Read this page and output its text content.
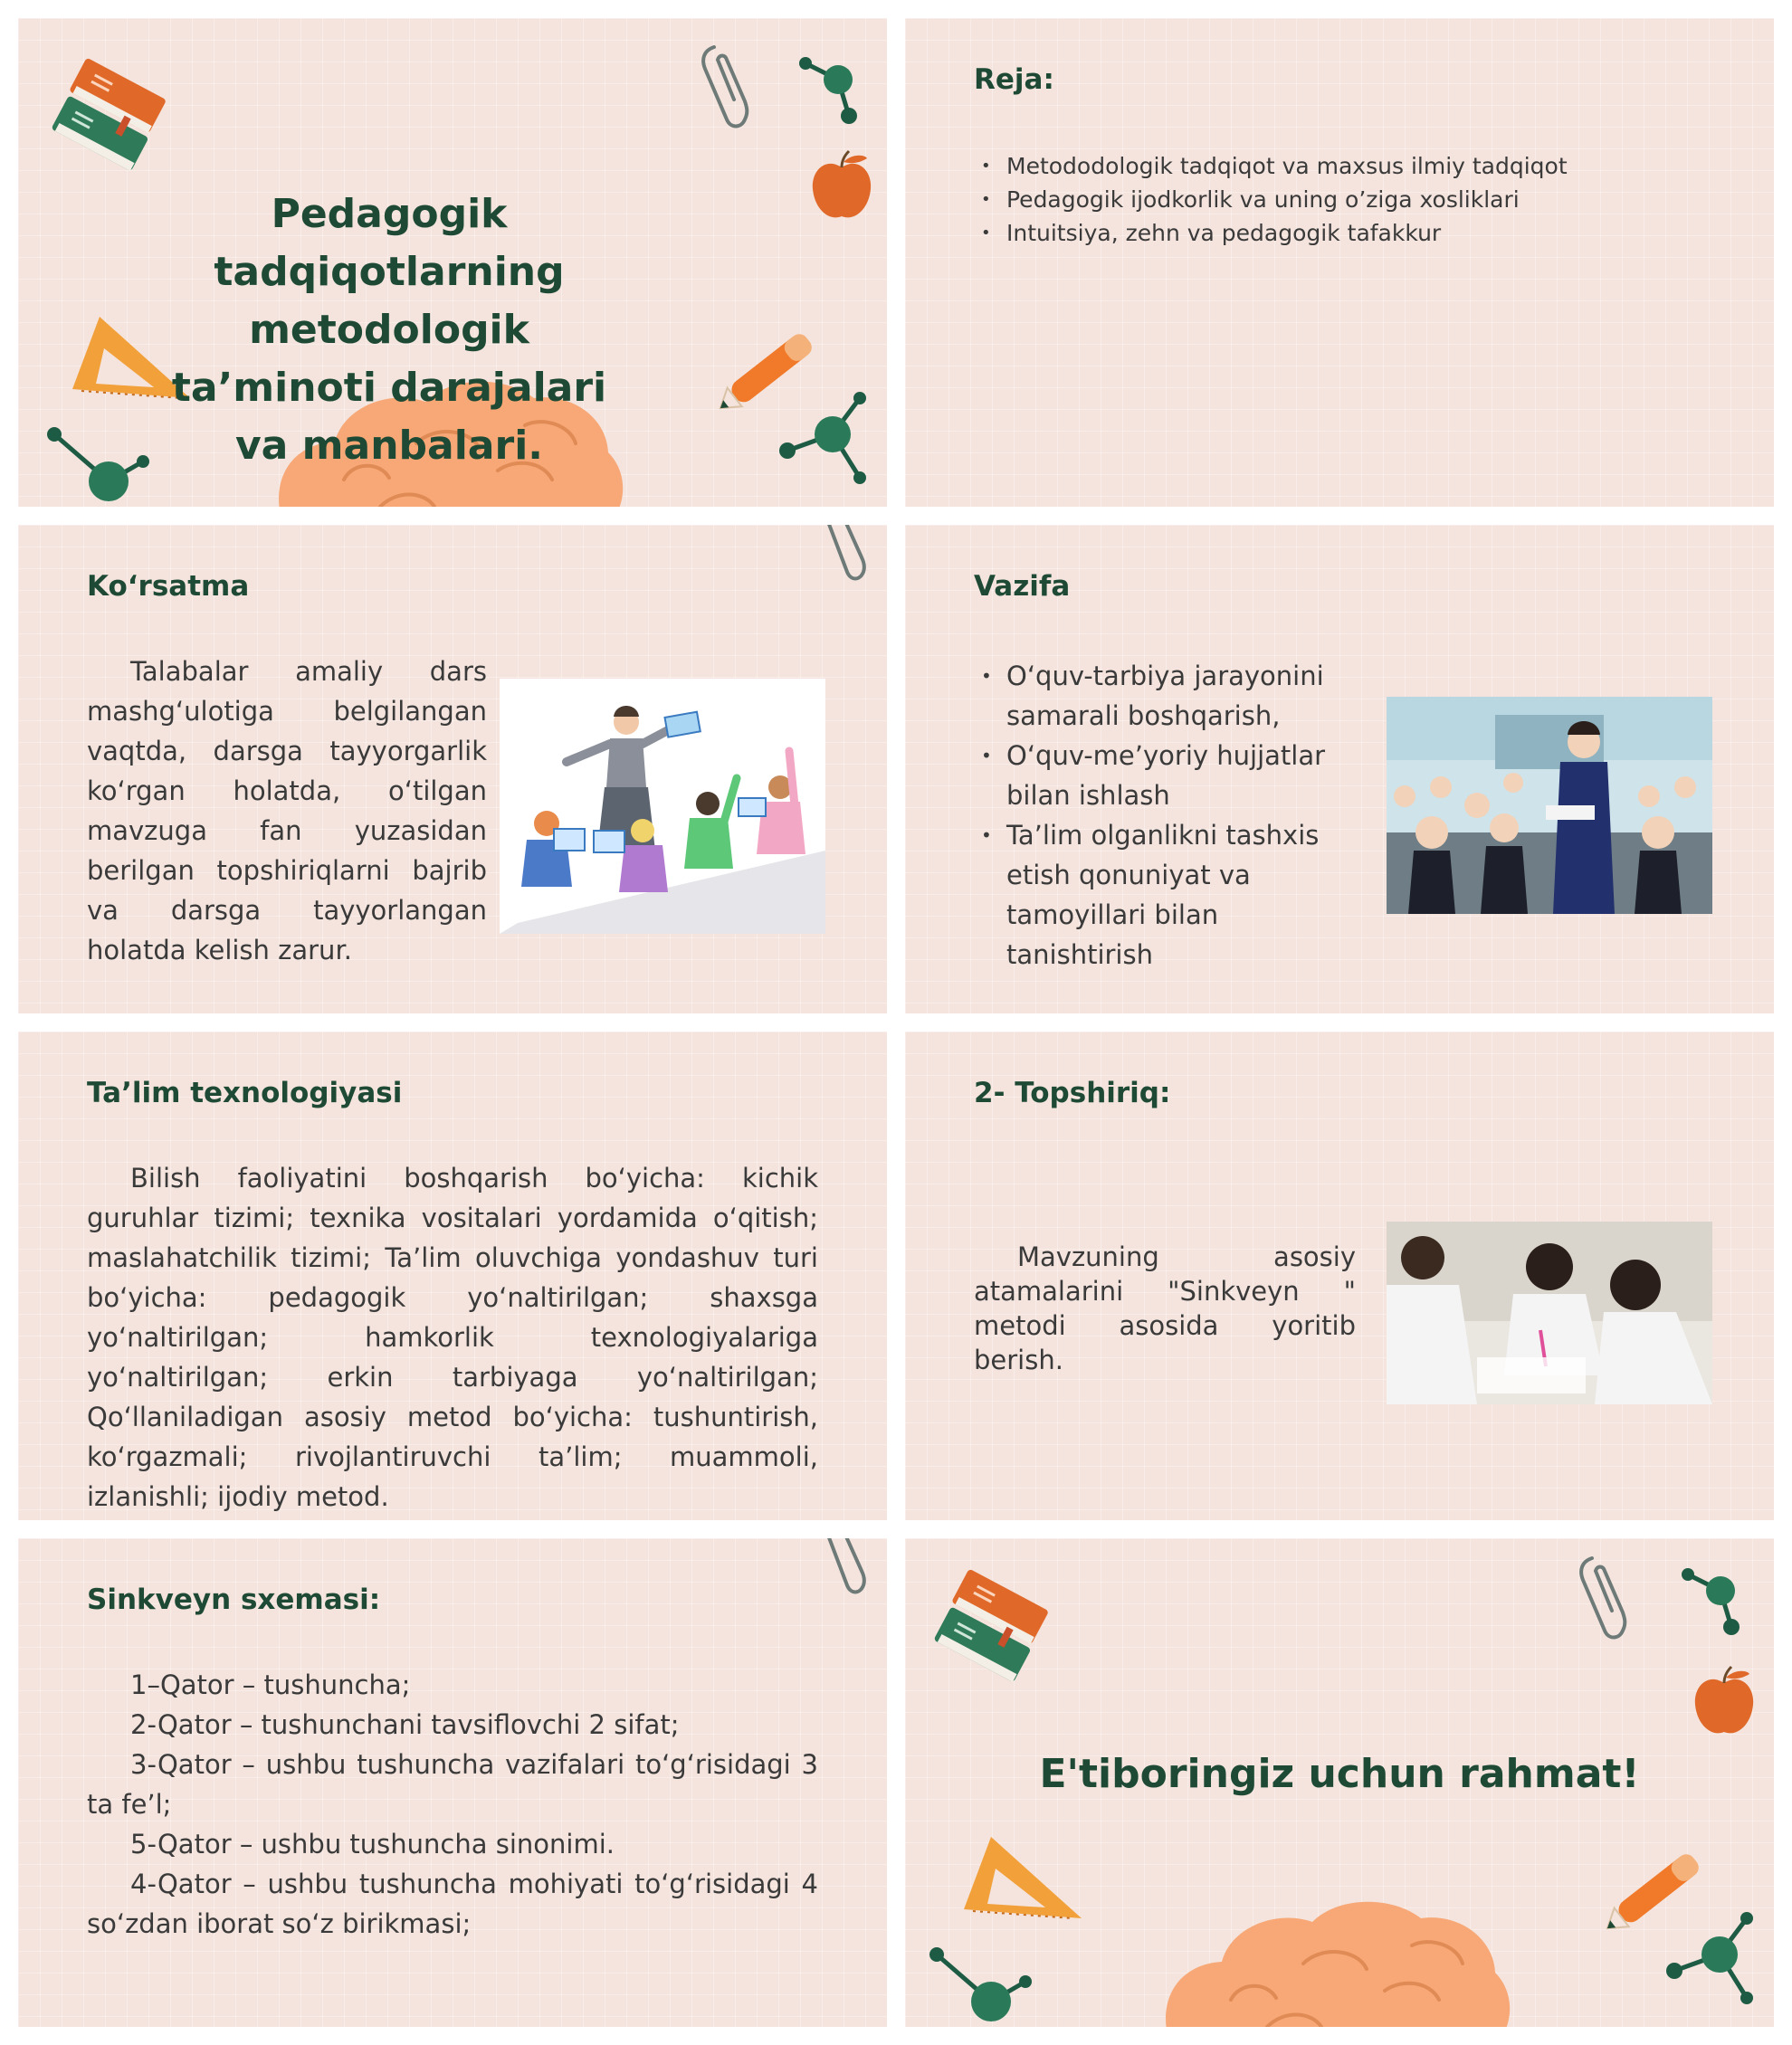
Pedagogik tadqiqotlarning metodologik ta’minoti darajalari va manbalari.
Reja:
• Metododologik tadqiqot va maxsus ilmiy tadqiqot
• Pedagogik ijodkorlik va uning o’ziga xosliklari
• Intuitsiya, zehn va pedagogik tafakkur
Ko‘rsatma

Talabalar amaliy dars mashg‘ulotiga belgilangan vaqtda, darsga tayyorgarlik ko‘rgan holatda, o‘tilgan mavzuga fan yuzasidan berilgan topshiriqlarni bajrib va darsga tayyorlangan holatda kelish zarur.

Vazifa
• O‘quv-tarbiya jarayonini samarali boshqarish,
• O‘quv-me’yoriy hujjatlar bilan ishlash
• Ta’lim olganlikni tashxis etish qonuniyat va tamoyillari bilan tanishtirish
Ta’lim texnologiyasi

Bilish faoliyatini boshqarish bo‘yicha: kichik guruhlar tizimi; texnika vositalari yordamida o‘qitish; maslahatchilik tizimi; Ta’lim oluvchiga yondashuv turi bo‘yicha: pedagogik yo‘naltirilgan; shaxsga yo‘naltirilgan; hamkorlik texnologiyalariga yo‘naltirilgan; erkin tarbiyaga yo‘naltirilgan; Qo‘llaniladigan asosiy metod bo‘yicha: tushuntirish, ko‘rgazmali; rivojlantiruvchi ta’lim; muammoli, izlanishli; ijodiy metod.

2- Topshiriq:

Mavzuning asosiy atamalarini "Sinkveyn " metodi asosida yoritib berish.

Sinkveyn sxemasi:

1–Qator – tushuncha;

2-Qator – tushunchani tavsiflovchi 2 sifat;

3-Qator – ushbu tushuncha vazifalari to‘g‘risidagi 3 ta fe’l;

5-Qator – ushbu tushuncha sinonimi.

4-Qator – ushbu tushuncha mohiyati to‘g‘risidagi 4 so‘zdan iborat so‘z birikmasi;

E'tiboringiz uchun rahmat!
